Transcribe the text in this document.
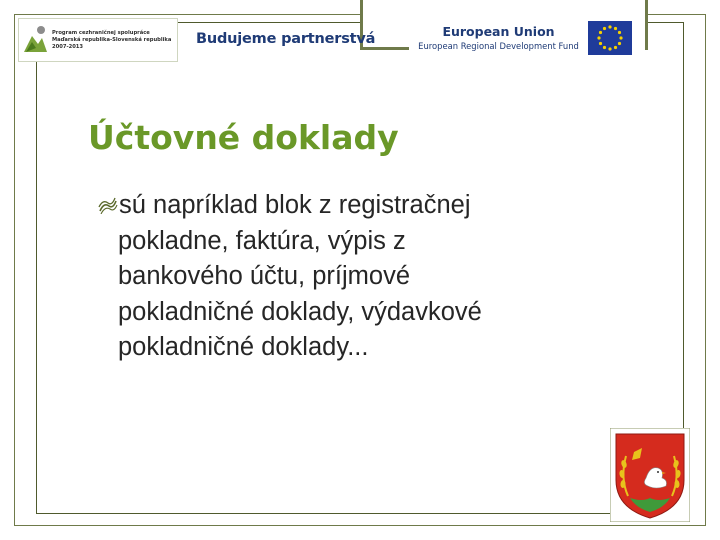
Program cezhraničnej spolupráce
Maďarská republika-Slovenská republika
2007-2013	Budujeme partnerstvá	European Union
European Regional Development Fund
Účtovné doklady
sú napríklad blok z registračnej
pokladne, faktúra, výpis z
bankového účtu, príjmové
pokladničné doklady, výdavkové
pokladničné doklady...
